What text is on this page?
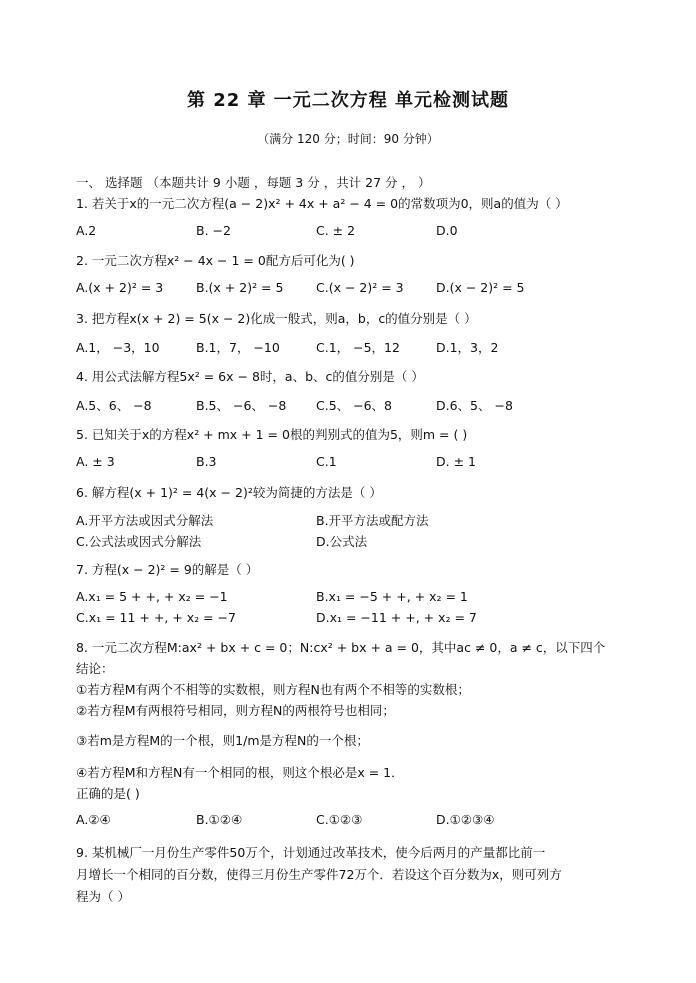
第 22 章 一元二次方程 单元检测试题
（满分 120 分；时间：90 分钟）
一、 选择题 （本题共计 9 小题 ，每题 3 分 ，共计 27 分 ， ）
1. 若关于x的一元二次方程(a − 2)x² + 4x + a² − 4 = 0的常数项为0，则a的值为（ ）
A.2	B. −2	C. ± 2	D.0
2. 一元二次方程x² − 4x − 1 = 0配方后可化为( )
A.(x + 2)² = 3	B.(x + 2)² = 5	C.(x − 2)² = 3	D.(x − 2)² = 5
3. 把方程x(x + 2) = 5(x − 2)化成一般式，则a，b，c的值分别是（ ）
A.1， −3，10	B.1，7， −10	C.1， −5，12	D.1，3，2
4. 用公式法解方程5x² = 6x − 8时，a、b、c的值分别是（ ）
A.5、6、 −8	B.5、 −6、 −8 C.5、 −6、8	D.6、5、 −8
5. 已知关于x的方程x² + mx + 1 = 0根的判别式的值为5，则m = ( )
A. ± 3	B.3	C.1	D. ± 1
6. 解方程(x + 1)² = 4(x − 2)²较为简捷的方法是（ ）
A.开平方法或因式分解法	B.开平方法或配方法
C.公式法或因式分解法	D.公式法
7. 方程(x − 2)² = 9的解是（ ）
A.x₁ = 5 + +, + x₂ = −1	B.x₁ = −5 + +, + x₂ = 1
C.x₁ = 11 + +, + x₂ = −7	D.x₁ = −11 + +, + x₂ = 7
8. 一元二次方程M:ax² + bx + c = 0；N:cx² + bx + a = 0，其中ac ≠ 0，a ≠ c，以下四个
结论：
①若方程M有两个不相等的实数根，则方程N也有两个不相等的实数根；
②若方程M有两根符号相同，则方程N的两根符号也相同；
③若m是方程M的一个根，则1/m是方程N的一个根；
④若方程M和方程N有一个相同的根，则这个根必是x = 1．
正确的是( )
A.②④	B.①②④	C.①②③	D.①②③④
9. 某机械厂一月份生产零件50万个，计划通过改革技术，使今后两月的产量都比前一
月增长一个相同的百分数，使得三月份生产零件72万个．若设这个百分数为x，则可列方
程为（ ）
